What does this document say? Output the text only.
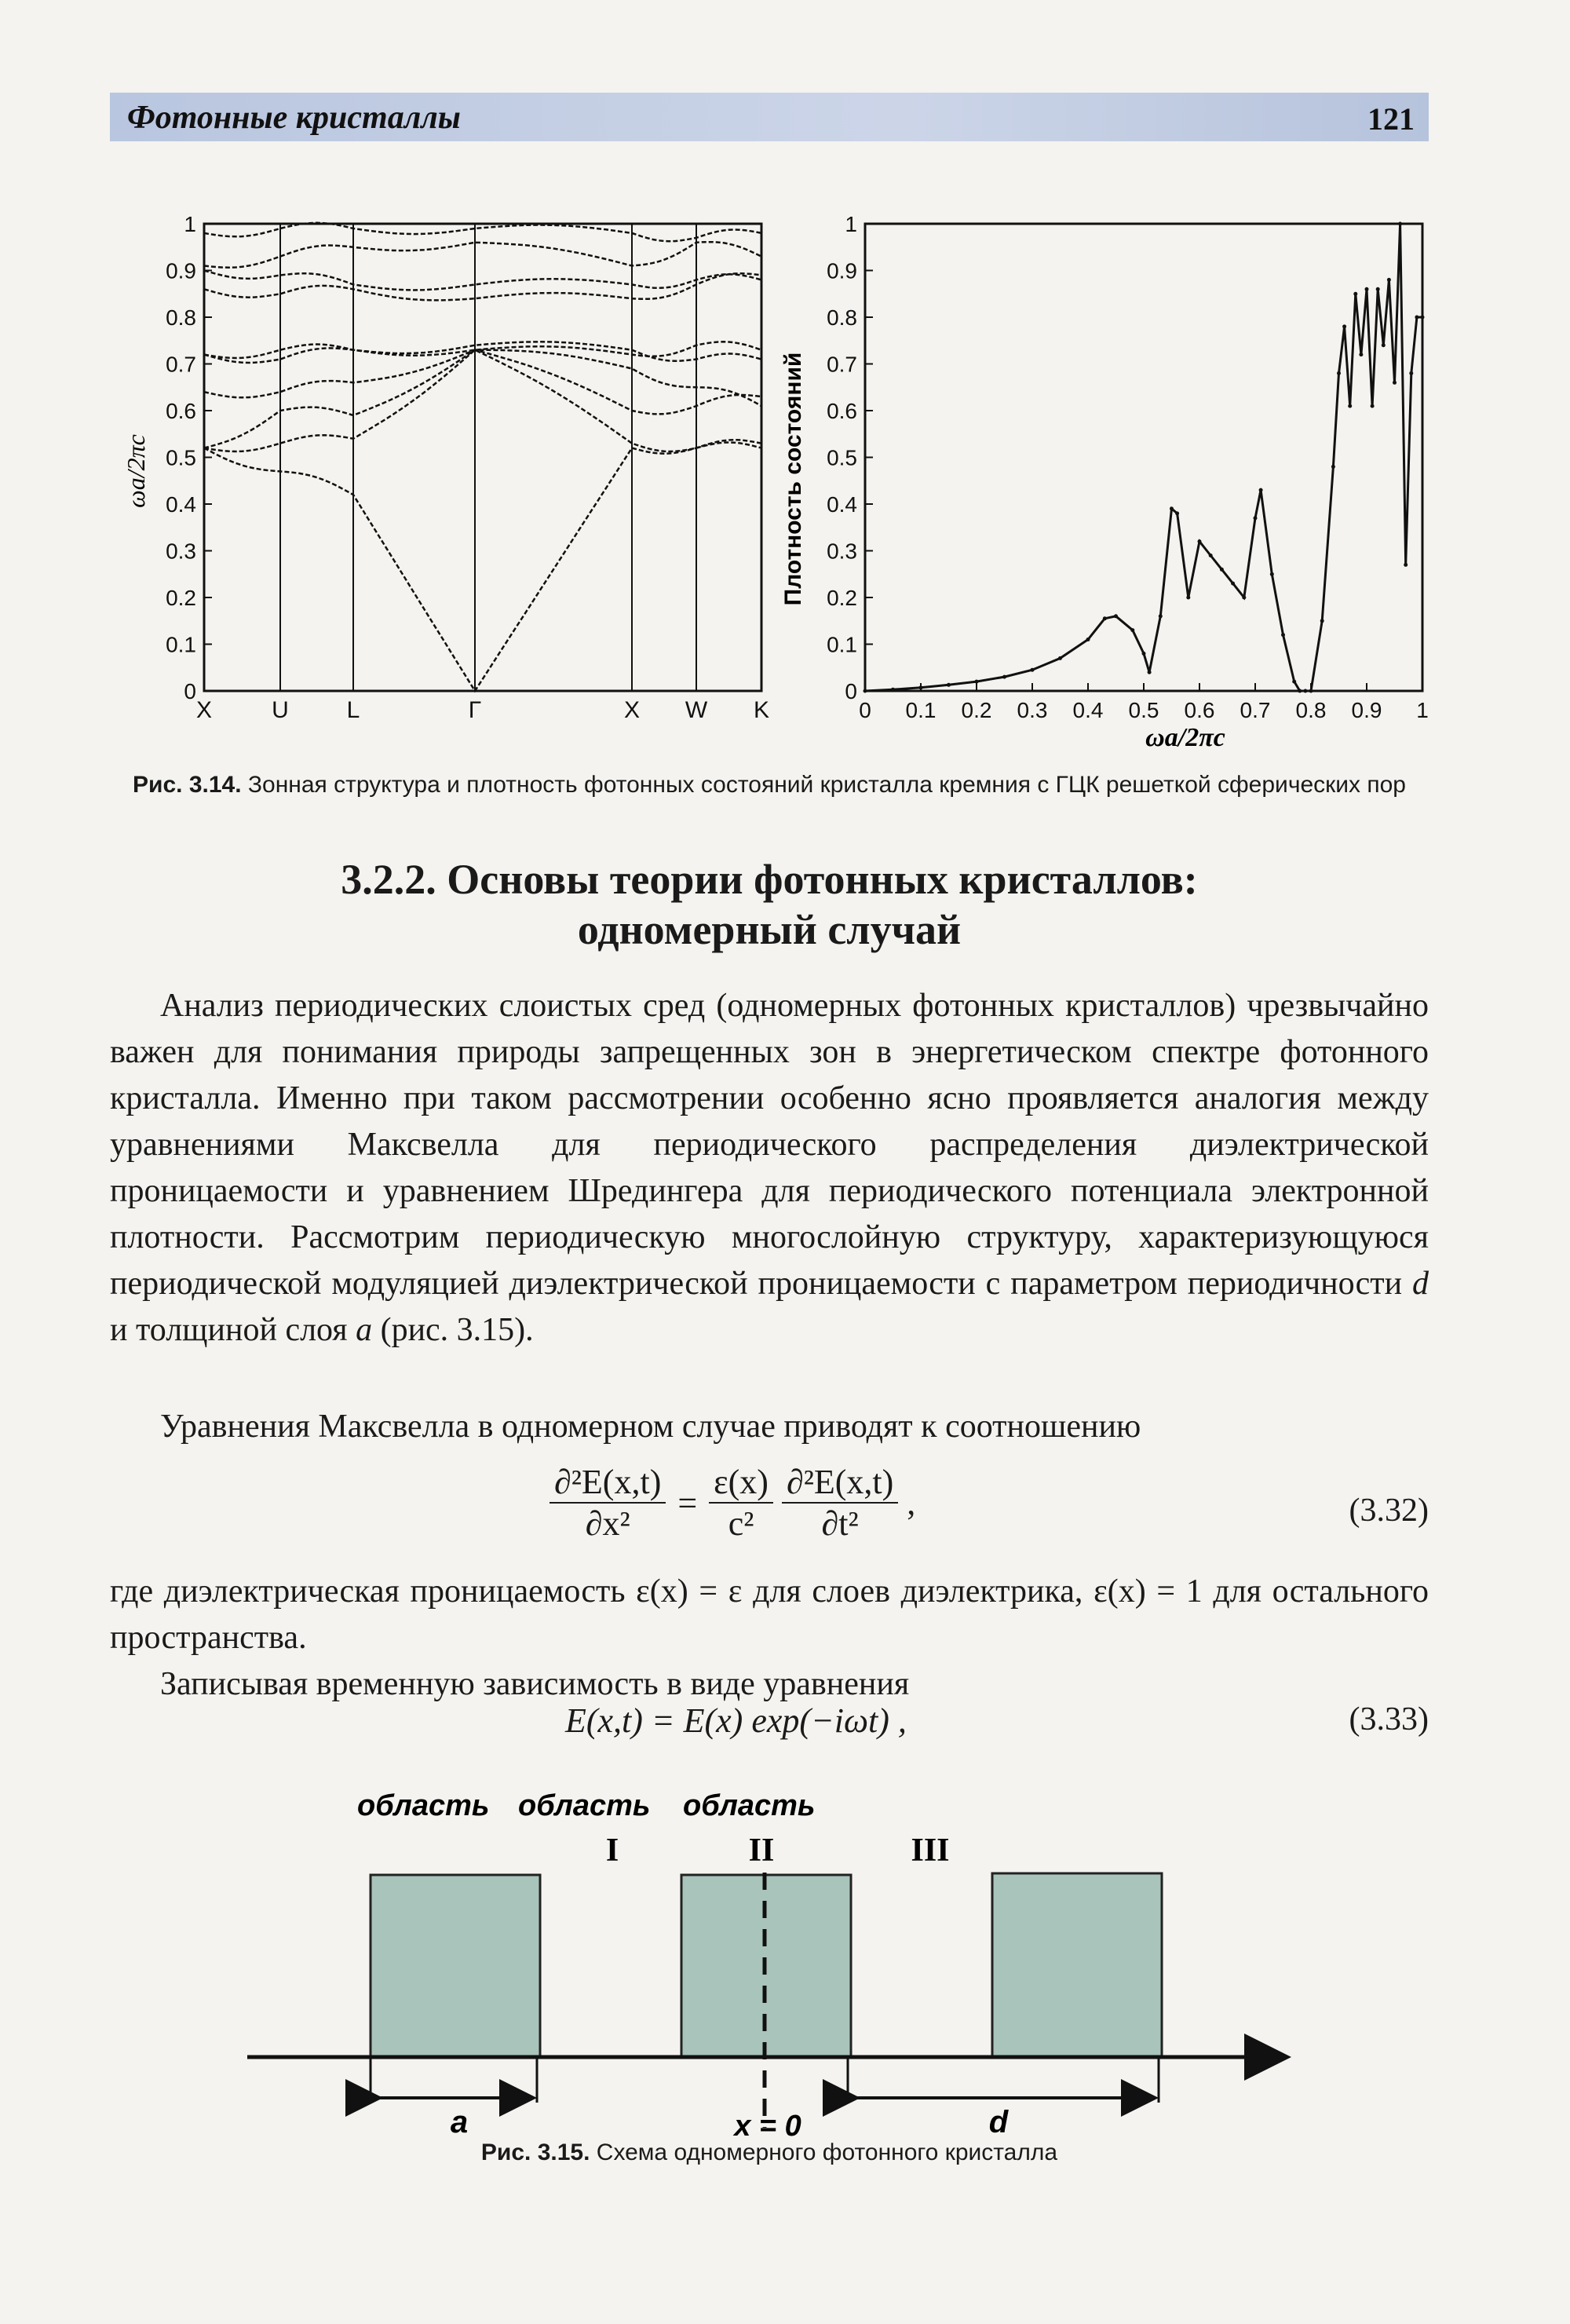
Фотонные кристаллы	121
ωa/2πc
X	U L	Γ	X W K
0
0.1
0.2
0.3
0.4
0.5
0.6
0.7
0.8
0.9
1
Плотность состояний
ωa/2πc
0
0.1
0.2
0.3
0.4
0.5
0.6
0.7
0.8
0.9
1
0 0.1 0.2 0.3 0.4 0.5 0.6 0.7 0.8 0.9 1
Рис. 3.14. Зонная структура и плотность фотонных состояний кристалла кремния с ГЦК решеткой сферических пор
3.2.2. Основы теории фотонных кристаллов:
одномерный случай

Анализ периодических слоистых сред (одномерных фотонных кристаллов) чрезвычайно важен для понимания природы запрещенных зон в энергетическом спектре фотонного кристалла. Именно при таком рассмотрении особенно ясно проявляется аналогия между уравнениями Максвелла для периодического распределения диэлектрической проницаемости и уравнением Шредингера для периодического потенциала электронной плотности. Рассмотрим периодическую многослойную структуру, характеризующуюся периодической модуляцией диэлектрической проницаемости с параметром периодичности d и толщиной слоя a (рис. 3.15).

Уравнения Максвелла в одномерном случае приводят к соотношению

$\frac{\text{∂²E(x,t)}}{\text{∂x²}} = \frac{\varepsilon(x)}{\text{c²}}$
$\frac{\text{∂²E(x,t)}}{\text{∂t²}}$ ,	(3.32)

где диэлектрическая проницаемость ε(x) = ε для слоев диэлектрика, ε(x) = 1 для остального пространства.

Записывая временную зависимость в виде уравнения

E(x,t) = E(x) exp(−iωt) ,	(3.33)
область область область
I	II	III
a	x = 0	d
Рис. 3.15. Схема одномерного фотонного кристалла
